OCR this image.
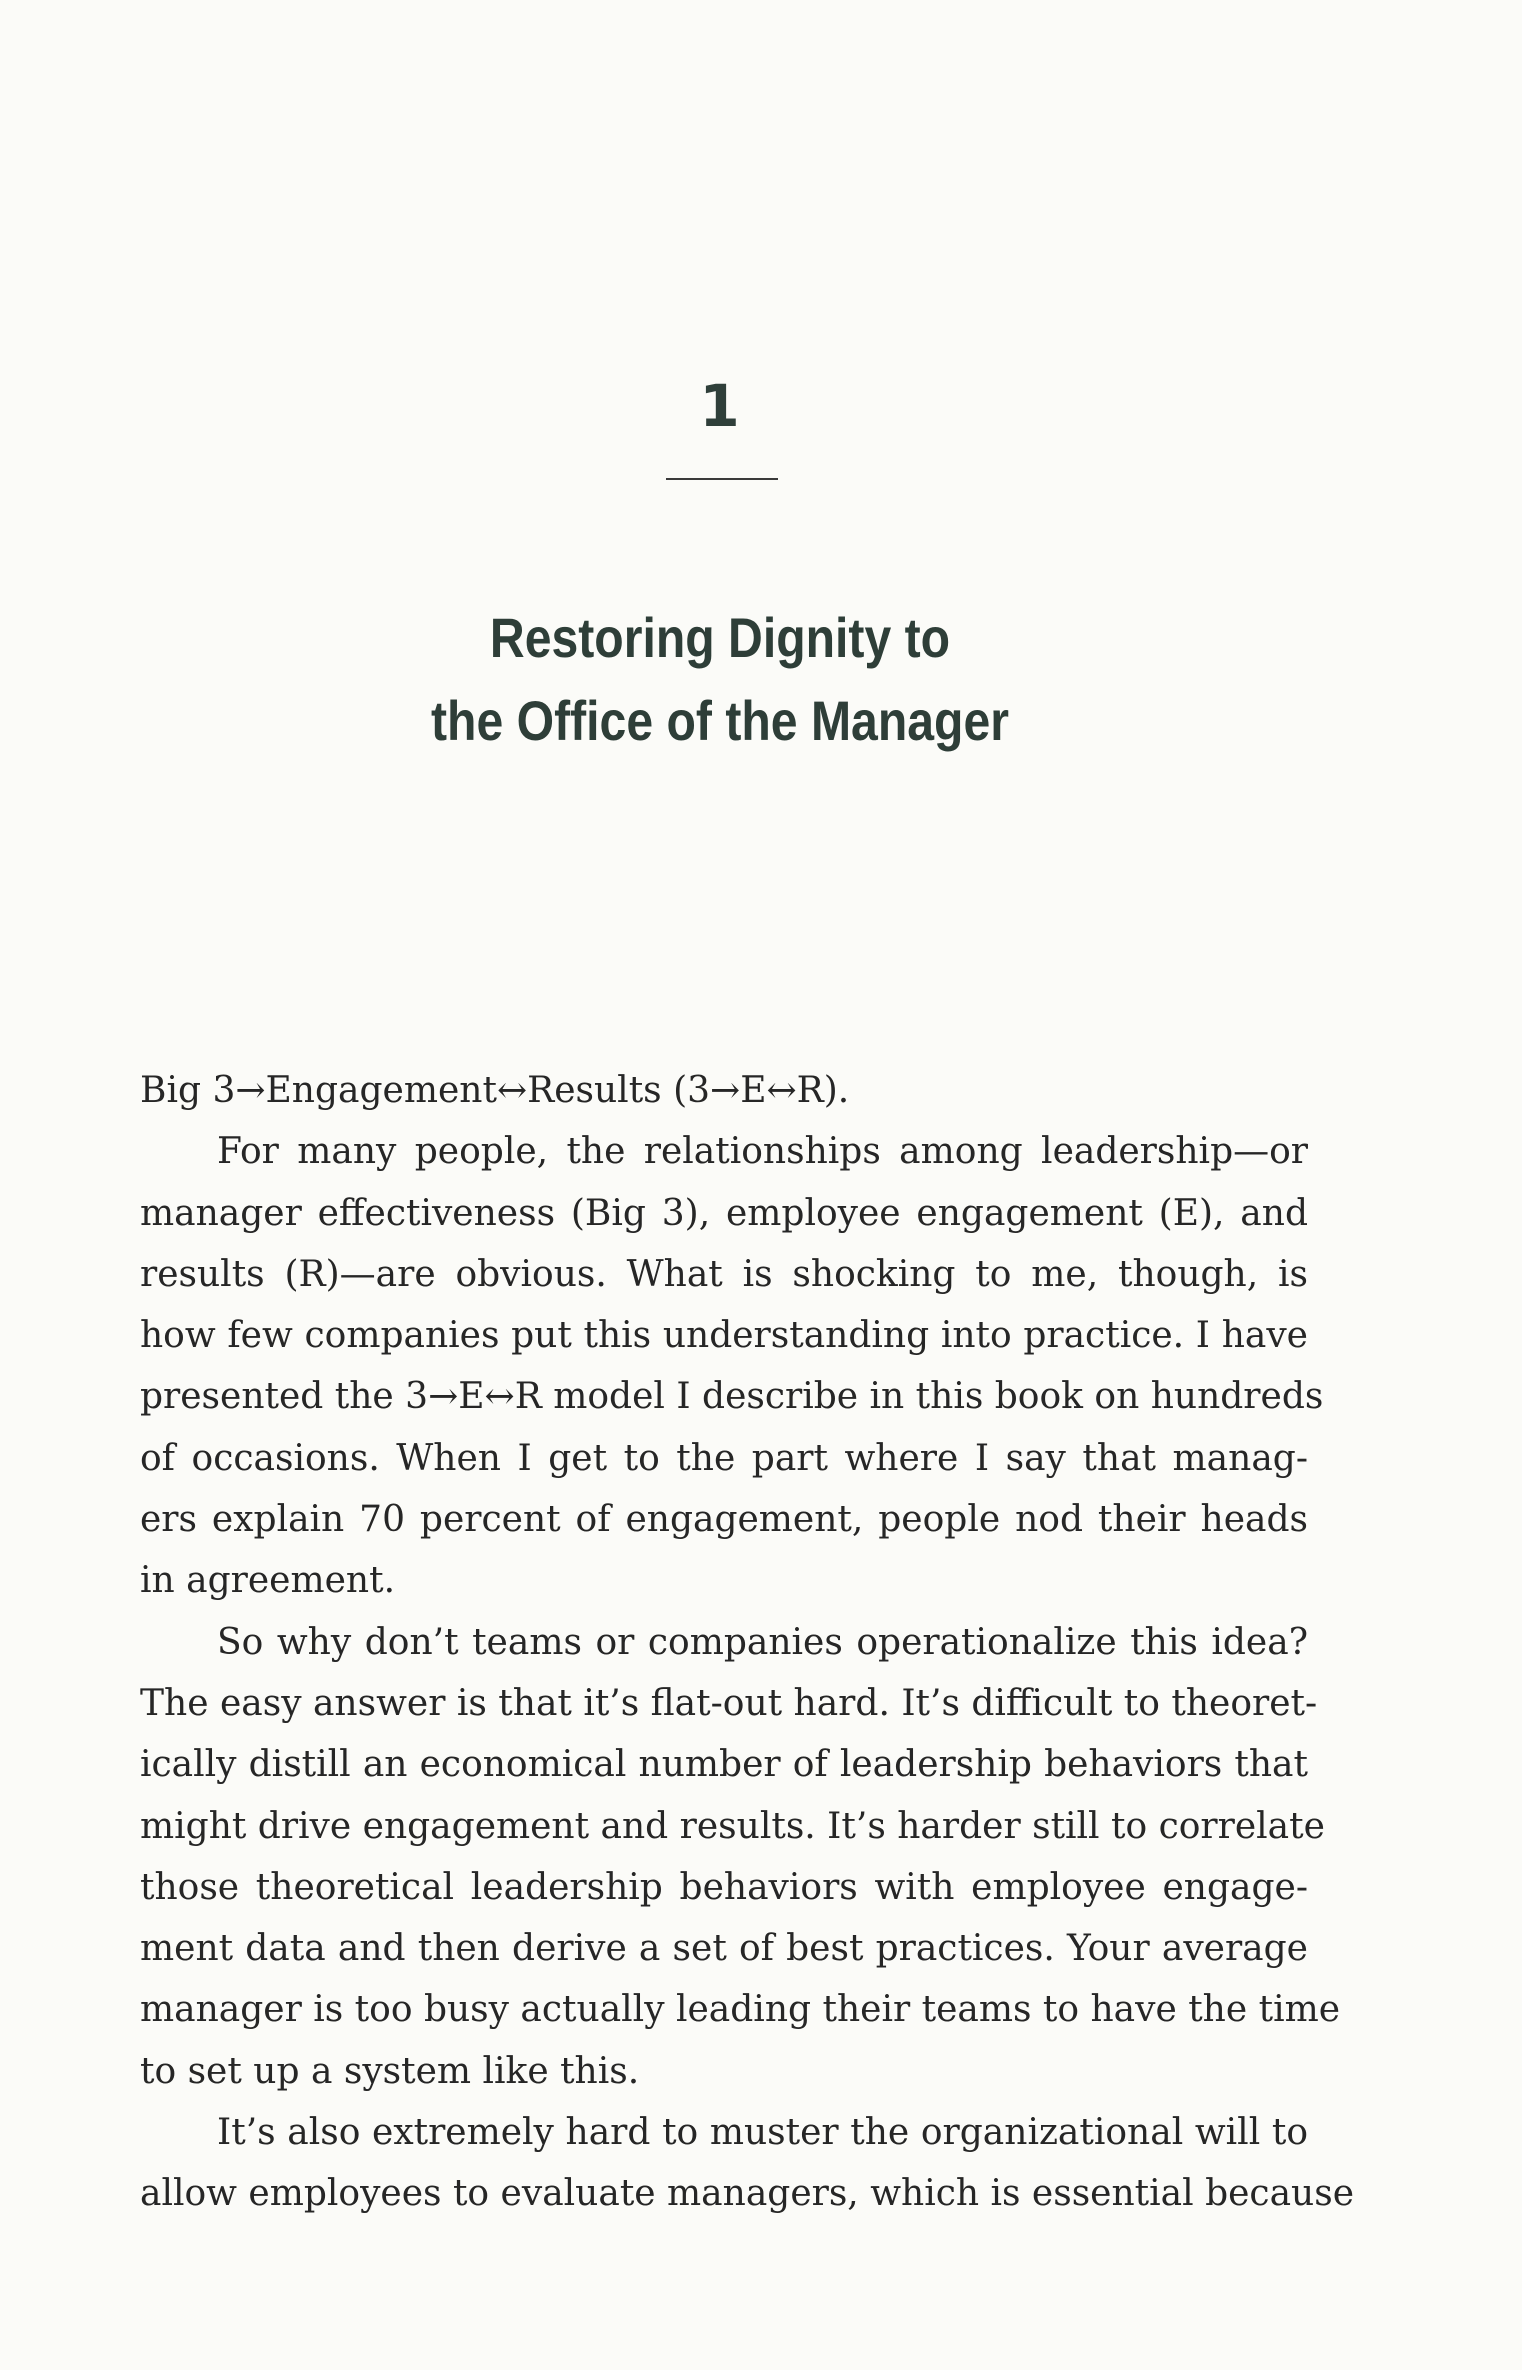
1
Restoring Dignity to
the Office of the Manager
Big 3→Engagement↔Results (3→E↔R).
For many people, the relationships among leadership—or
manager effectiveness (Big 3), employee engagement (E), and
results (R)—are obvious. What is shocking to me, though, is
how few companies put this understanding into practice. I have
presented the 3→E↔R model I describe in this book on hundreds
of occasions. When I get to the part where I say that manag-
ers explain 70 percent of engagement, people nod their heads
in agreement.
So why don’t teams or companies operationalize this idea?
The easy answer is that it’s flat-out hard. It’s difficult to theoret-
ically distill an economical number of leadership behaviors that
might drive engagement and results. It’s harder still to correlate
those theoretical leadership behaviors with employee engage-
ment data and then derive a set of best practices. Your average
manager is too busy actually leading their teams to have the time
to set up a system like this.
It’s also extremely hard to muster the organizational will to
allow employees to evaluate managers, which is essential because
